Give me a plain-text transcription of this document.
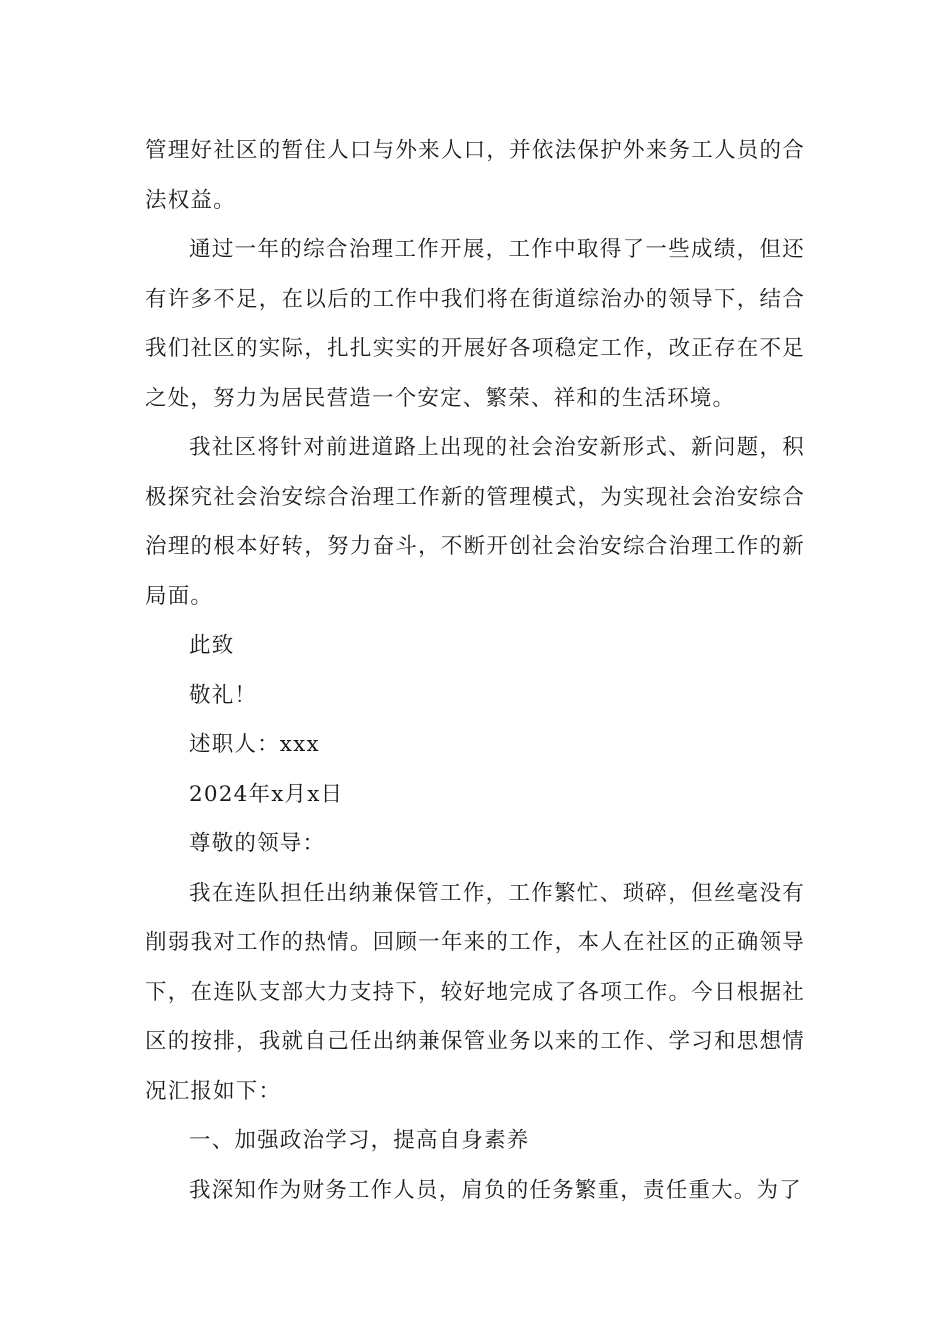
管理好社区的暂住人口与外来人口，并依法保护外来务工人员的合法权益。

通过一年的综合治理工作开展，工作中取得了一些成绩，但还有许多不足，在以后的工作中我们将在街道综治办的领导下，结合我们社区的实际，扎扎实实的开展好各项稳定工作，改正存在不足之处，努力为居民营造一个安定、繁荣、祥和的生活环境。

我社区将针对前进道路上出现的社会治安新形式、新问题，积极探究社会治安综合治理工作新的管理模式，为实现社会治安综合治理的根本好转，努力奋斗，不断开创社会治安综合治理工作的新局面。

此致

敬礼！

述职人：xxx

2024年x月x日

尊敬的领导：

我在连队担任出纳兼保管工作，工作繁忙、琐碎，但丝毫没有削弱我对工作的热情。回顾一年来的工作，本人在社区的正确领导下，在连队支部大力支持下，较好地完成了各项工作。今日根据社区的按排，我就自己任出纳兼保管业务以来的工作、学习和思想情况汇报如下：

一、加强政治学习，提高自身素养

我深知作为财务工作人员，肩负的任务繁重，责任重大。为了
